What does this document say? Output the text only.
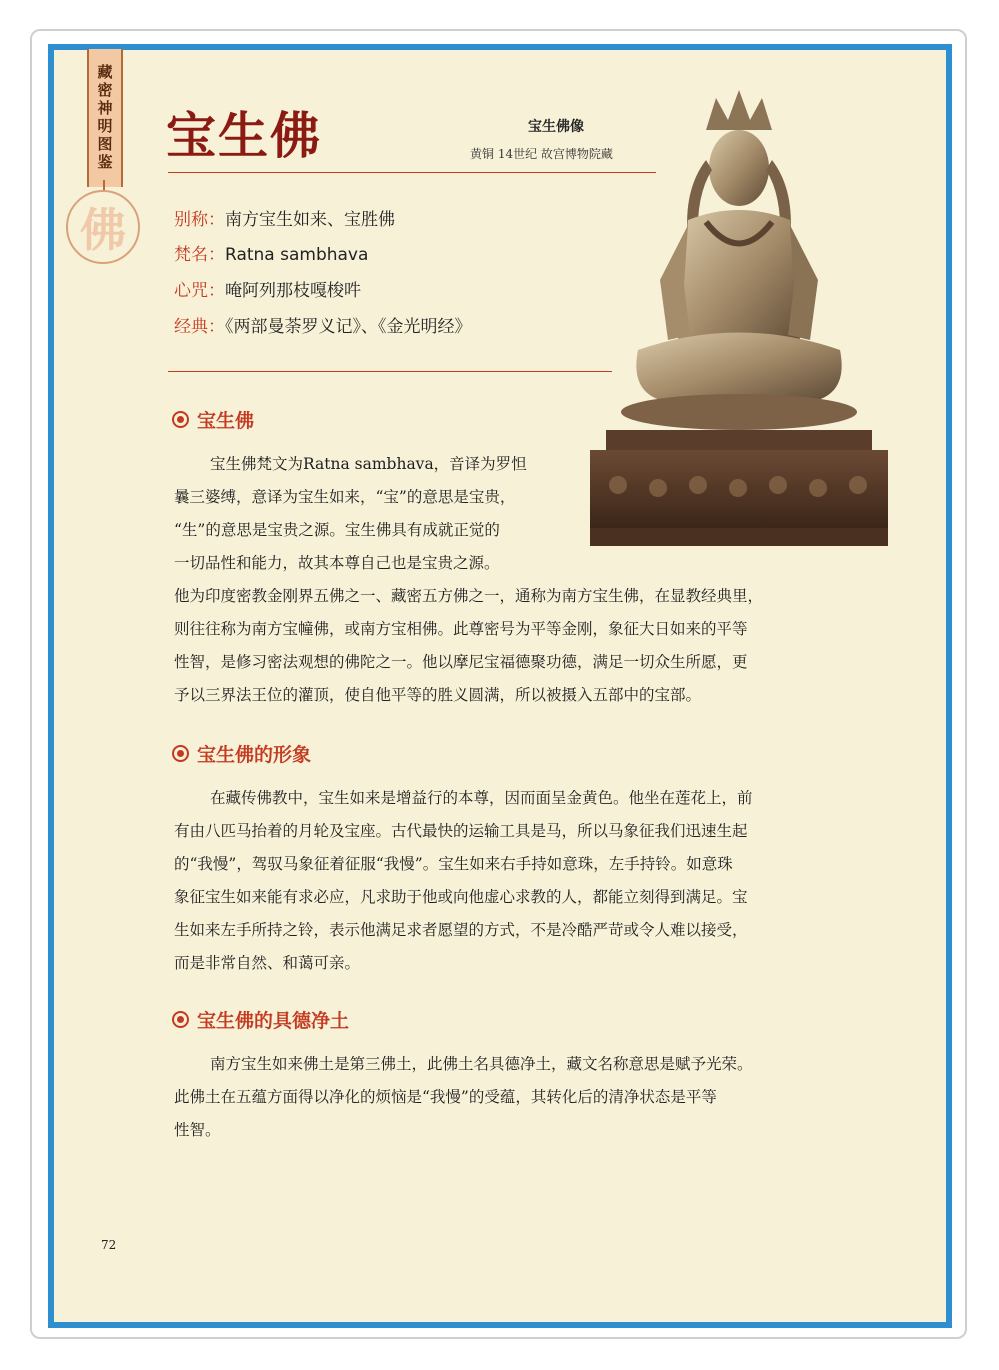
藏密神明图鉴
佛
宝生佛	宝生佛像
黄铜 14世纪 故宫博物院藏
别称：南方宝生如来、宝胜佛
梵名：Ratna sambhava
心咒：唵阿列那枝嘎梭吽
经典：《两部曼荼罗义记》、《金光明经》
宝生佛
宝生佛梵文为Ratna sambhava，音译为罗怛
曩三婆缚，意译为宝生如来，“宝”的意思是宝贵，
“生”的意思是宝贵之源。宝生佛具有成就正觉的
一切品性和能力，故其本尊自己也是宝贵之源。
他为印度密教金刚界五佛之一、藏密五方佛之一，通称为南方宝生佛，在显教经典里，
则往往称为南方宝幢佛，或南方宝相佛。此尊密号为平等金刚，象征大日如来的平等
性智，是修习密法观想的佛陀之一。他以摩尼宝福德聚功德，满足一切众生所愿，更
予以三界法王位的灌顶，使自他平等的胜义圆满，所以被摄入五部中的宝部。
宝生佛的形象
在藏传佛教中，宝生如来是增益行的本尊，因而面呈金黄色。他坐在莲花上，前
有由八匹马抬着的月轮及宝座。古代最快的运输工具是马，所以马象征我们迅速生起
的“我慢”，驾驭马象征着征服“我慢”。宝生如来右手持如意珠，左手持铃。如意珠
象征宝生如来能有求必应，凡求助于他或向他虚心求教的人，都能立刻得到满足。宝
生如来左手所持之铃，表示他满足求者愿望的方式，不是冷酷严苛或令人难以接受，
而是非常自然、和蔼可亲。
宝生佛的具德净土
南方宝生如来佛土是第三佛土，此佛土名具德净土，藏文名称意思是赋予光荣。
此佛土在五蕴方面得以净化的烦恼是“我慢”的受蕴，其转化后的清净状态是平等
性智。
72
